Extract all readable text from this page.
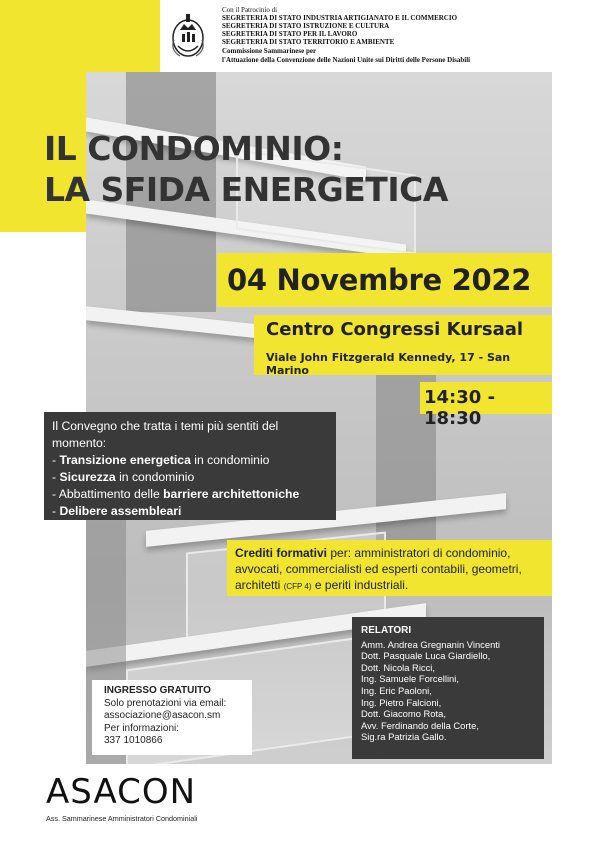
Con il Patrocinio di
SEGRETERIA DI STATO INDUSTRIA ARTIGIANATO E IL COMMERCIO
SEGRETERIA DI STATO ISTRUZIONE E CULTURA
SEGRETERIA DI STATO PER IL LAVORO
SEGRETERIA DI STATO TERRITORIO E AMBIENTE
Commissione Sammarinese per
l'Attuazione della Convenzione delle Nazioni Unite sui Diritti delle Persone Disabili
IL CONDOMINIO:
LA SFIDA ENERGETICA
04 Novembre 2022
Centro Congressi Kursaal
Viale John Fitzgerald Kennedy, 17 - San Marino
14:30 - 18:30
Il Convegno che tratta i temi più sentiti del momento:
- Transizione energetica in condominio
- Sicurezza in condominio
- Abbattimento delle barriere architettoniche
- Delibere assembleari
Crediti formativi per: amministratori di condominio, avvocati, commercialisti ed esperti contabili, geometri, architetti (CFP 4) e periti industriali.
RELATORI
Amm. Andrea Gregnanin Vincenti
Dott. Pasquale Luca Giardiello,
Dott. Nicola Ricci,
Ing. Samuele Forcellini,
Ing. Eric Paoloni,
Ing. Pietro Falcioni,
Dott. Giacomo Rota,
Avv. Ferdinando della Corte,
Sig.ra Patrizia Gallo.
INGRESSO GRATUITO
Solo prenotazioni via email:
associazione@asacon.sm
Per informazioni:
337 1010866
ASACON
Ass. Sammarinese Amministratori Condominiali
